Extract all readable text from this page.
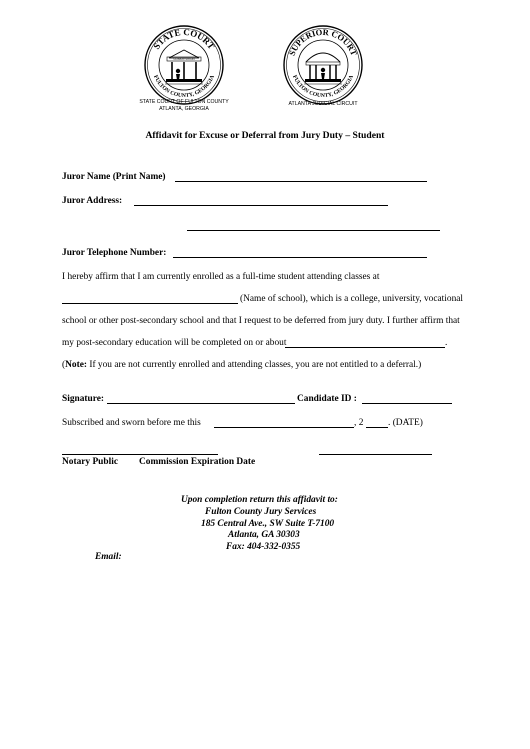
STATE COURT
FULTON COUNTY, GEORGIA
CONSTITUTION
SUPERIOR COURT
FULTON COUNTY, GEORGIA
STATE COURT OF FULTON COUNTY
ATLANTA, GEORGIA
ATLANTA JUDICIAL CIRCUIT
Affidavit for Excuse or Deferral from Jury Duty – Student
Juror Name (Print Name)
Juror Address:
Juror Telephone Number:
I hereby affirm that I am currently enrolled as a full-time student attending classes at
(Name of school), which is a college, university, vocational
school or other post-secondary school and that I request to be deferred from jury duty. I further affirm that
my post-secondary education will be completed on or about	.
(Note: If you are not currently enrolled and attending classes, you are not entitled to a deferral.)
Signature:	Candidate ID :
Subscribed and sworn before me this	, 2	. (DATE)
Notary Public Commission Expiration Date
Upon completion return this affidavit to:
Fulton County Jury Services
185 Central Ave., SW Suite T-7100
Atlanta, GA 30303
Fax: 404-332-0355
Email:
